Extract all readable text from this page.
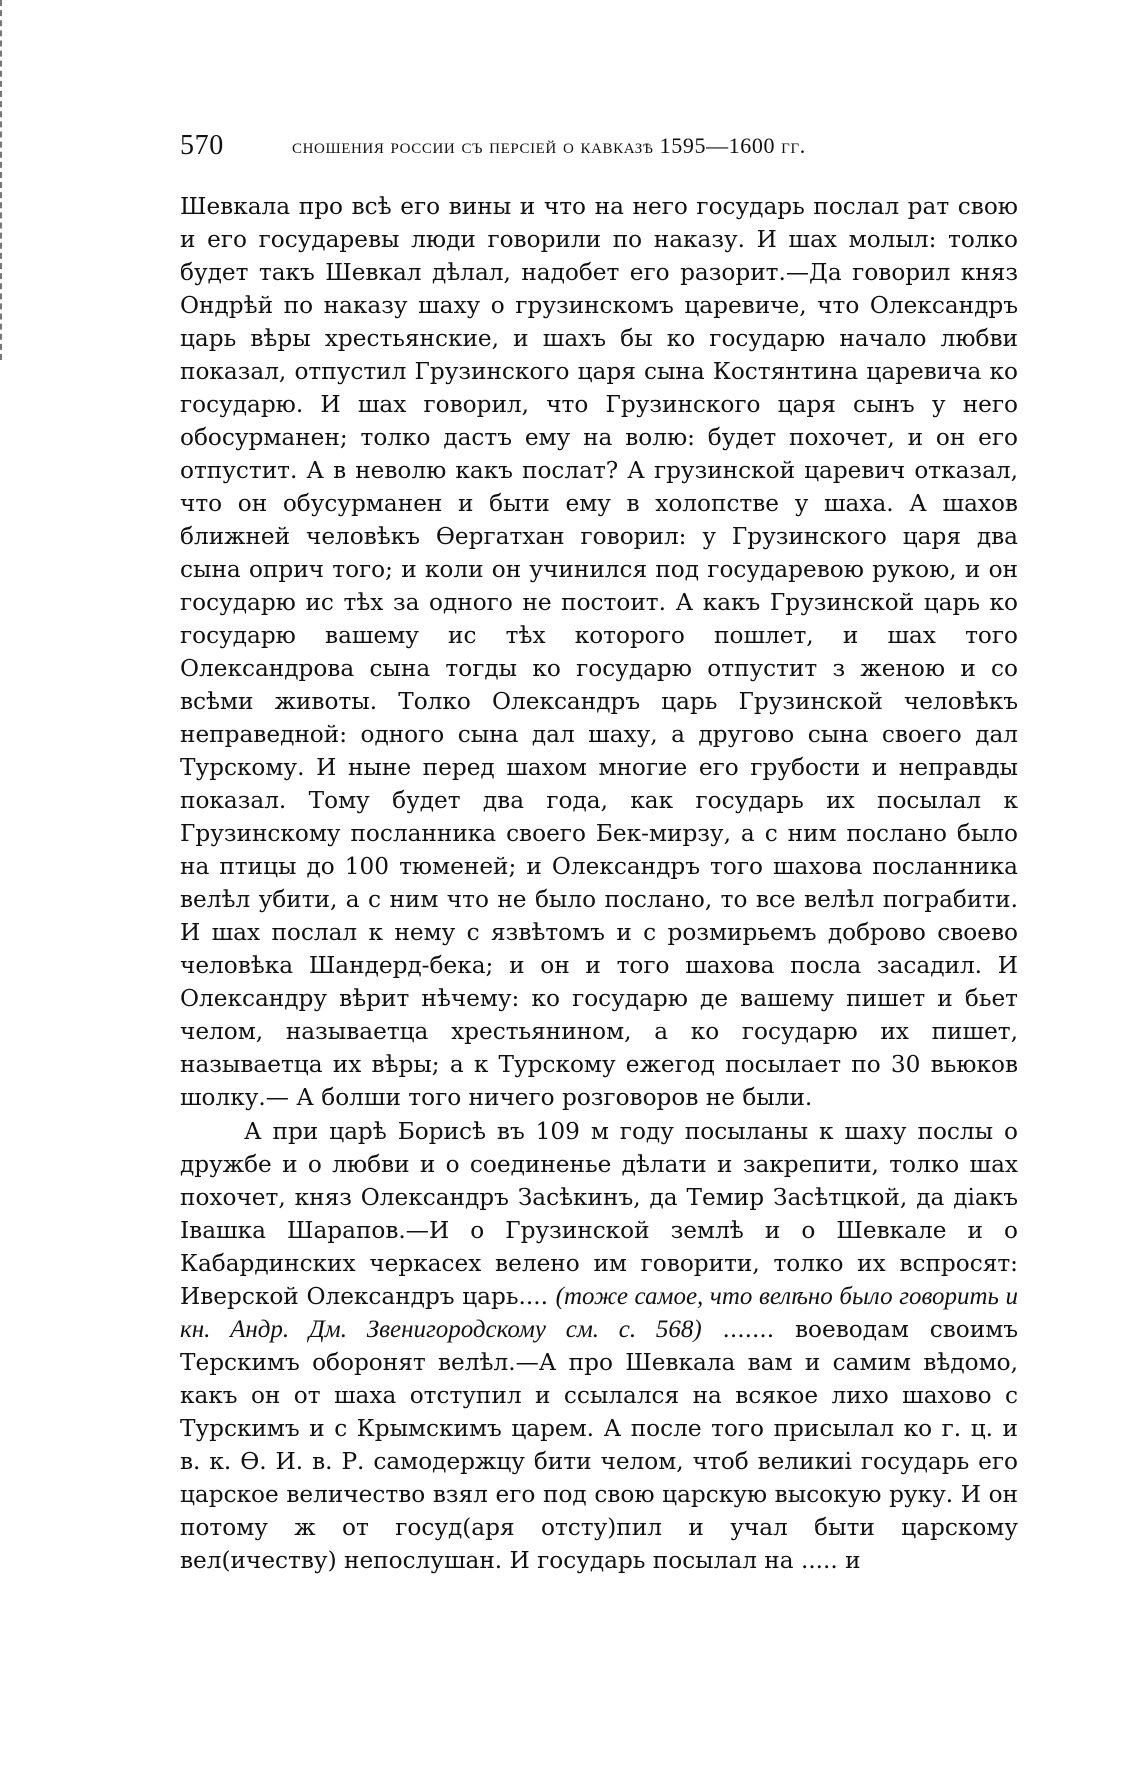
570	сношения россии съ персіей о кавказѣ 1595—1600 гг.

Шевкала про всѣ его вины и что на него государь послал рат свою и его государевы люди говорили по наказу. И шах молыл: толко будет такъ Шевкал дѣлал, надобет его разорит.—Да говорил княз Ондрѣй по наказу шаху о грузинскомъ царевиче, что Олександръ царь вѣры хрестьянские, и шахъ бы ко государю начало любви показал, отпустил Грузинского царя сына Костянтина царевича ко государю. И шах говорил, что Грузинского царя сынъ у него обосурманен; толко дастъ ему на волю: будет похочет, и он его отпустит. А в неволю какъ послат? А грузинской царевич отказал, что он обусурманен и быти ему в холопстве у шаха. А шахов ближней человѣкъ Ѳергатхан говорил: у Грузинского царя два сына оприч того; и коли он учинился под государевою рукою, и он государю ис тѣх за одного не постоит. А какъ Грузинской царь ко государю вашему ис тѣх которого пошлет, и шах того Олександрова сына тогды ко государю отпустит з женою и со всѣми животы. Толко Олександръ царь Грузинской человѣкъ неправедной: одного сына дал шаху, а другово сына своего дал Турскому. И ныне перед шахом многие его грубости и неправды показал. Тому будет два года, как государь их посылал к Грузинскому посланника своего Бек-мирзу, а с ним послано было на птицы до 100 тюменей; и Олександръ того шахова посланника велѣл убити, а с ним что не было послано, то все велѣл пограбити. И шах послал к нему с язвѣтомъ и с розмирьемъ доброво своево человѣка Шандерд-бека; и он и того шахова посла засадил. И Олександру вѣрит нѣчему: ко государю де вашему пишет и бьет челом, называетца хрестьянином, а ко государю их пишет, называетца их вѣры; а к Турскому ежегод посылает по 30 вьюков шолку.— А болши того ничего розговоров не были.

А при царѣ Борисѣ въ 109 м году посыланы к шаху послы о дружбе и о любви и о соединенье дѣлати и закрепити, толко шах похочет, княз Олександръ Засѣкинъ, да Темир Засѣтцкой, да діакъ Івашка Шарапов.—И о Грузинской землѣ и о Шевкале и о Кабардинских черкасех велено им говорити, толко их вспросят: Иверской Олександръ царь.... (тоже самое, что велѣно было говорить и кн. Андр. Дм. Звенигородскому см. с. 568) ....... воеводам своимъ Терскимъ оборонят велѣл.—А про Шевкала вам и самим вѣдомо, какъ он от шаха отступил и ссылался на всякое лихо шахово с Турскимъ и с Крымскимъ царем. А после того присылал ко г. ц. и в. к. Ѳ. И. в. Р. самодержцу бити челом, чтоб великиі государь его царское величество взял его под свою царскую высокую руку. И он потому ж от госуд(аря отсту)пил и учал быти царскому вел(ичеству) непослушан. И государь посылал на ..... и
